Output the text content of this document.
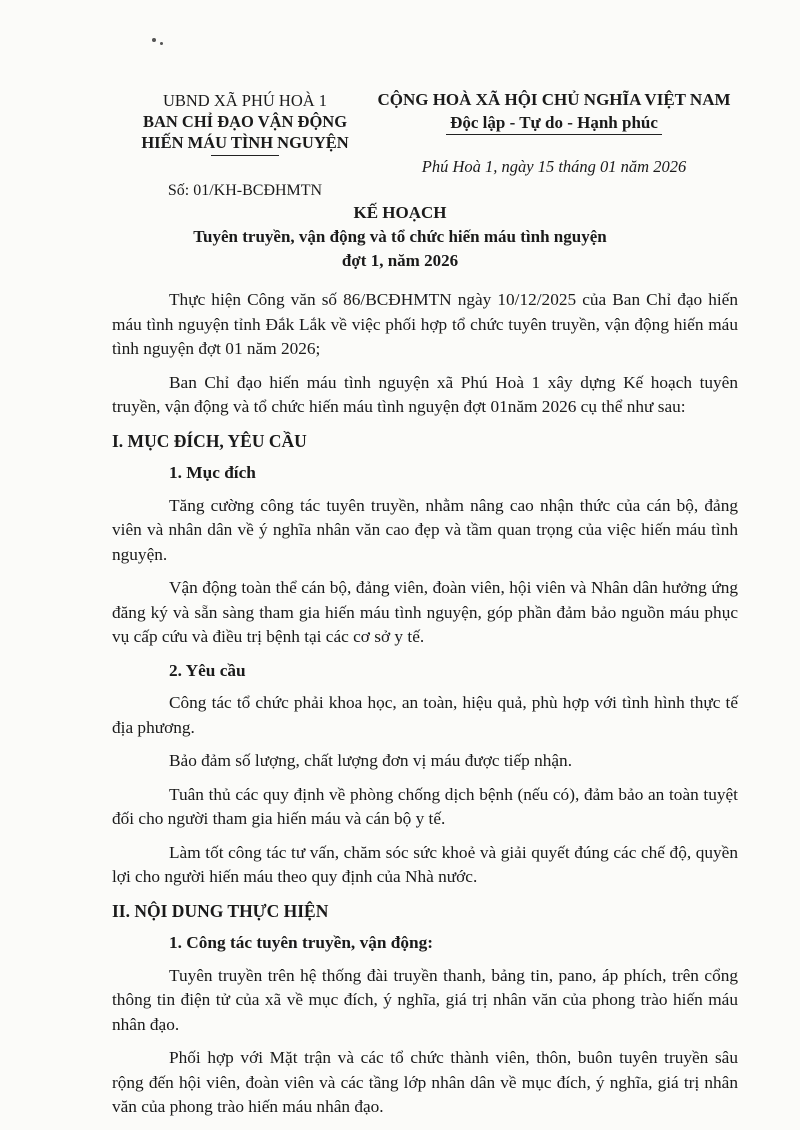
UBND XÃ PHÚ HOÀ 1
BAN CHỈ ĐẠO VẬN ĐỘNG
HIẾN MÁU TÌNH NGUYỆN
Số: 01/KH-BCĐHMTN
CỘNG HOÀ XÃ HỘI CHỦ NGHĨA VIỆT NAM
Độc lập - Tự do - Hạnh phúc
Phú Hoà 1, ngày 15 tháng 01 năm 2026
KẾ HOẠCH
Tuyên truyền, vận động và tổ chức hiến máu tình nguyện
đợt 1, năm 2026
Thực hiện Công văn số 86/BCĐHMTN ngày 10/12/2025 của Ban Chỉ đạo hiến máu tình nguyện tỉnh Đắk Lắk về việc phối hợp tổ chức tuyên truyền, vận động hiến máu tình nguyện đợt 01 năm 2026;
Ban Chỉ đạo hiến máu tình nguyện xã Phú Hoà 1 xây dựng Kế hoạch tuyên truyền, vận động và tổ chức hiến máu tình nguyện đợt 01năm 2026 cụ thể như sau:
I. MỤC ĐÍCH, YÊU CẦU
1. Mục đích
Tăng cường công tác tuyên truyền, nhằm nâng cao nhận thức của cán bộ, đảng viên và nhân dân về ý nghĩa nhân văn cao đẹp và tầm quan trọng của việc hiến máu tình nguyện.
Vận động toàn thể cán bộ, đảng viên, đoàn viên, hội viên và Nhân dân hưởng ứng đăng ký và sẵn sàng tham gia hiến máu tình nguyện, góp phần đảm bảo nguồn máu phục vụ cấp cứu và điều trị bệnh tại các cơ sở y tế.
2. Yêu cầu
Công tác tổ chức phải khoa học, an toàn, hiệu quả, phù hợp với tình hình thực tế địa phương.
Bảo đảm số lượng, chất lượng đơn vị máu được tiếp nhận.
Tuân thủ các quy định về phòng chống dịch bệnh (nếu có), đảm bảo an toàn tuyệt đối cho người tham gia hiến máu và cán bộ y tế.
Làm tốt công tác tư vấn, chăm sóc sức khoẻ và giải quyết đúng các chế độ, quyền lợi cho người hiến máu theo quy định của Nhà nước.
II. NỘI DUNG THỰC HIỆN
1. Công tác tuyên truyền, vận động:
Tuyên truyền trên hệ thống đài truyền thanh, bảng tin, pano, áp phích, trên cổng thông tin điện tử của xã về mục đích, ý nghĩa, giá trị nhân văn của phong trào hiến máu nhân đạo.
Phối hợp với Mặt trận và các tổ chức thành viên, thôn, buôn tuyên truyền sâu rộng đến hội viên, đoàn viên và các tầng lớp nhân dân về mục đích, ý nghĩa, giá trị nhân văn của phong trào hiến máu nhân đạo.
